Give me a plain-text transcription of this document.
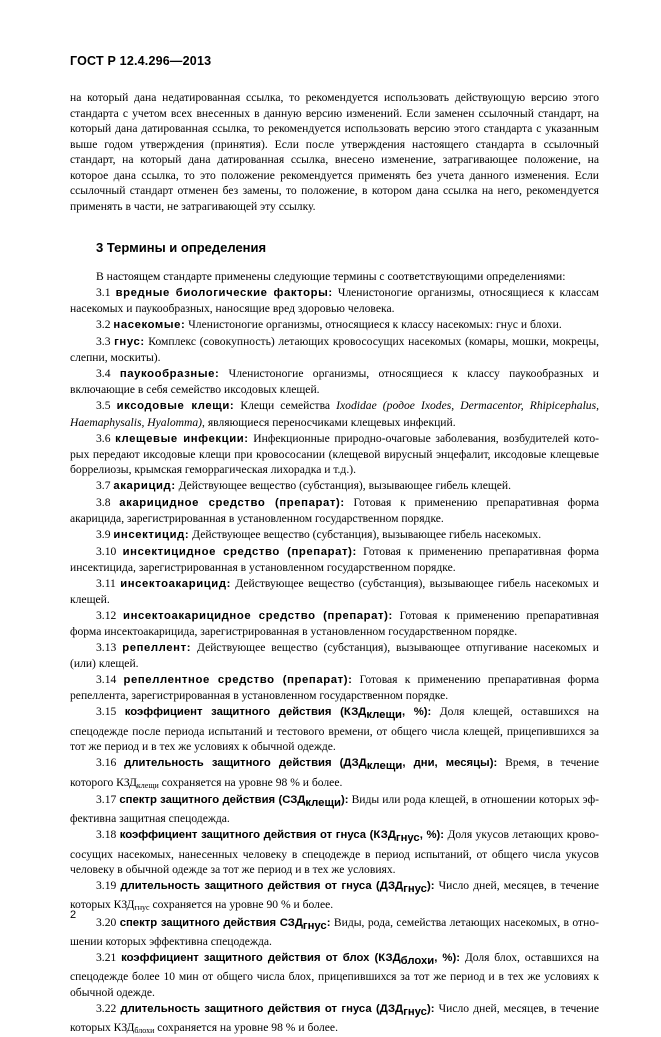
ГОСТ Р 12.4.296—2013

на который дана недатированная ссылка, то рекомендуется использовать действующую версию этого стандарта с учетом всех внесенных в данную версию изменений. Если заменен ссылочный стандарт, на который дана датированная ссылка, то рекомендуется использовать версию этого стандарта с указанным выше годом утверждения (принятия). Если после утверждения настоящего стандарта в ссылочный стандарт, на который дана датированная ссылка, внесено изменение, затрагивающее положение, на которое дана ссылка, то это положение рекомендуется применять без учета данного изменения. Если ссылочный стандарт отменен без замены, то положение, в котором дана ссылка на него, рекомендуется применять в части, не затрагивающей эту ссылку.

3 Термины и определения

В настоящем стандарте применены следующие термины с соответствующими определениями:

3.1 вредные биологические факторы: Членистоногие организмы, относящиеся к классам насекомых и паукообразных, наносящие вред здоровью человека.

3.2 насекомые: Членистоногие организмы, относящиеся к классу насекомых: гнус и блохи.

3.3 гнус: Комплекс (совокупность) летающих кровососущих насекомых (комары, мошки, мокрецы, слепни, москиты).

3.4 паукообразные: Членистоногие организмы, относящиеся к классу паукообразных и включающие в себя семейство иксодовых клещей.

3.5 иксодовые клещи: Клещи семейства Ixodidae (родое Ixodes, Dermacentor, Rhipicephalus, Haemaphysalis, Hyalomma), являющиеся переносчиками клещевых инфекций.

3.6 клещевые инфекции: Инфекционные природно-очаговые заболевания, возбудителей которых передают иксодовые клещи при кровососании (клещевой вирусный энцефалит, иксодовые клещевые боррелиозы, крымская геморрагическая лихорадка и т.д.).

3.7 акарицид: Действующее вещество (субстанция), вызывающее гибель клещей.

3.8 акарицидное средство (препарат): Готовая к применению препаративная форма акарицида, зарегистрированная в установленном государственном порядке.

3.9 инсектицид: Действующее вещество (субстанция), вызывающее гибель насекомых.

3.10 инсектицидное средство (препарат): Готовая к применению препаративная форма инсектицида, зарегистрированная в установленном государственном порядке.

3.11 инсектоакарицид: Действующее вещество (субстанция), вызывающее гибель насекомых и клещей.

3.12 инсектоакарицидное средство (препарат): Готовая к применению препаративная форма инсектоакарицида, зарегистрированная в установленном государственном порядке.

3.13 репеллент: Действующее вещество (субстанция), вызывающее отпугивание насекомых и (или) клещей.

3.14 репеллентное средство (препарат): Готовая к применению препаративная форма репеллента, зарегистрированная в установленном государственном порядке.

3.15 коэффициент защитного действия ($КЗД_{клещи}$, %): Доля клещей, оставшихся на спецодежде после периода испытаний и тестового времени, от общего числа клещей, прицепившихся за тот же период и в тех же условиях к обычной одежде.

3.16 длительность защитного действия ($ДЗД_{клещи}$, дни, месяцы): Время, в течение которого $КЗД_{клещи}$ сохраняется на уровне 98 % и более.

3.17 спектр защитного действия $(СЗД_{клещи})$: Виды или рода клещей, в отношении которых эффективна защитная спецодежда.

3.18 коэффициент защитного действия от гнуса ($КЗД_{гнус}$, %): Доля укусов летающих кровососущих насекомых, нанесенных человеку в спецодежде в период испытаний, от общего числа укусов человеку в обычной одежде за тот же период и в тех же условиях.

3.19 длительность защитного действия от гнуса $(ДЗД_{гнус})$: Число дней, месяцев, в течение которых $КЗД_{гнус}$ сохраняется на уровне 90 % и более.

3.20 спектр защитного действия $СЗД_{гнус}$: Виды, рода, семейства летающих насекомых, в отношении которых эффективна спецодежда.

3.21 коэффициент защитного действия от блох ($КЗД_{блохи}$, %): Доля блох, оставшихся на спецодежде более 10 мин от общего числа блох, прицепившихся за тот же период и в тех же условиях к обычной одежде.

3.22 длительность защитного действия от гнуса $(ДЗД_{гнус})$: Число дней, месяцев, в течение которых $КЗД_{блохи}$ сохраняется на уровне 98 % и более.

2
